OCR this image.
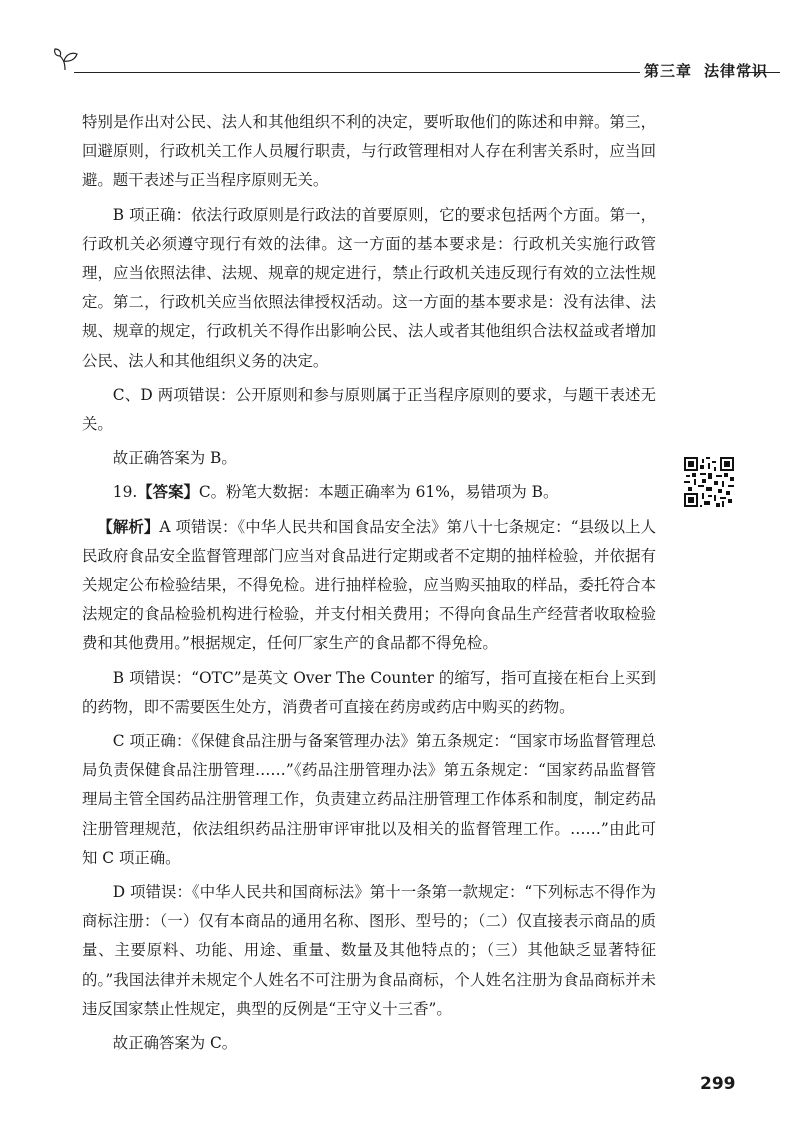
第三章 法律常识

特别是作出对公民、法人和其他组织不利的决定，要听取他们的陈述和申辩。第三，回避原则，行政机关工作人员履行职责，与行政管理相对人存在利害关系时，应当回避。题干表述与正当程序原则无关。

B 项正确：依法行政原则是行政法的首要原则，它的要求包括两个方面。第一，行政机关必须遵守现行有效的法律。这一方面的基本要求是：行政机关实施行政管理，应当依照法律、法规、规章的规定进行，禁止行政机关违反现行有效的立法性规定。第二，行政机关应当依照法律授权活动。这一方面的基本要求是：没有法律、法规、规章的规定，行政机关不得作出影响公民、法人或者其他组织合法权益或者增加公民、法人和其他组织义务的决定。

C、D 两项错误：公开原则和参与原则属于正当程序原则的要求，与题干表述无关。

故正确答案为 B。

19.【答案】C。粉笔大数据：本题正确率为 61%，易错项为 B。

【解析】A 项错误：《中华人民共和国食品安全法》第八十七条规定：“县级以上人民政府食品安全监督管理部门应当对食品进行定期或者不定期的抽样检验，并依据有关规定公布检验结果，不得免检。进行抽样检验，应当购买抽取的样品，委托符合本法规定的食品检验机构进行检验，并支付相关费用；不得向食品生产经营者收取检验费和其他费用。”根据规定，任何厂家生产的食品都不得免检。

B 项错误：“OTC”是英文 Over The Counter 的缩写，指可直接在柜台上买到的药物，即不需要医生处方，消费者可直接在药房或药店中购买的药物。

C 项正确：《保健食品注册与备案管理办法》第五条规定：“国家市场监督管理总局负责保健食品注册管理……”《药品注册管理办法》第五条规定：“国家药品监督管理局主管全国药品注册管理工作，负责建立药品注册管理工作体系和制度，制定药品注册管理规范，依法组织药品注册审评审批以及相关的监督管理工作。……”由此可知 C 项正确。

D 项错误：《中华人民共和国商标法》第十一条第一款规定：“下列标志不得作为商标注册：（一）仅有本商品的通用名称、图形、型号的；（二）仅直接表示商品的质量、主要原料、功能、用途、重量、数量及其他特点的；（三）其他缺乏显著特征的。”我国法律并未规定个人姓名不可注册为食品商标，个人姓名注册为食品商标并未违反国家禁止性规定，典型的反例是“王守义十三香”。

故正确答案为 C。

299
